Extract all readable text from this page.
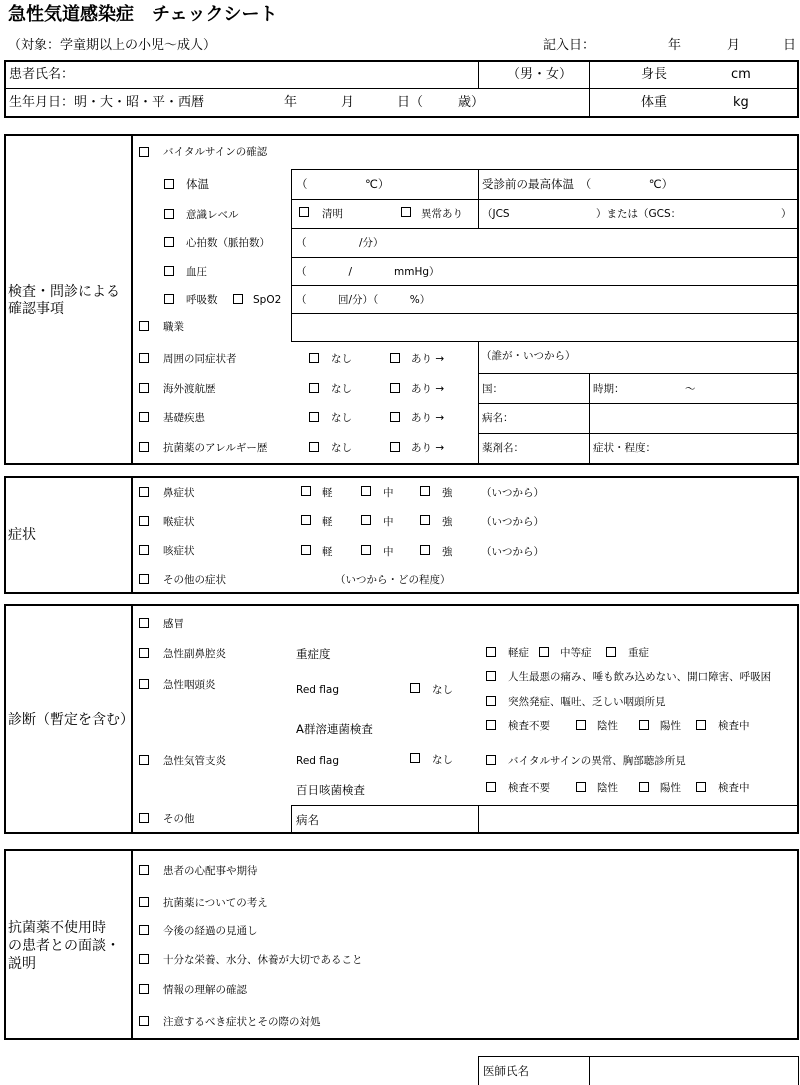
急性気道感染症　チェックシート
（対象：学童期以上の小児～成人）	記入日：	年	月	日
患者氏名：	（男・女）	身長	cm
生年月日：明・大・昭・平・西暦	年	月	日（	歳）	体重	kg
検査・問診による
確認事項
バイタルサインの確認
体温	（　　　　　℃）	受診前の最高体温　（　　　　　℃）
意識レベル	清明	異常あり （JCS	）または（GCS：	）
心拍数（脈拍数） （　　　　　/分）
血圧	（　　　　/　　　　mmHg）
呼吸数	SpO2 （　　　回/分）（　　　%）
職業
周囲の同症状者	なし	あり →	（誰が・いつから）
海外渡航歴	なし	あり →	国：	時期：	～
基礎疾患	なし	あり →	病名：
抗菌薬のアレルギー歴	なし	あり →	薬剤名：	症状・程度：
症状
鼻症状	軽	中	強	（いつから）
喉症状	軽	中	強	（いつから）
咳症状	軽	中	強	（いつから）
その他の症状	（いつから・どの程度）
診断（暫定を含む）
感冒
急性副鼻腔炎	重症度	軽症	中等症	重症
急性咽頭炎	Red flag	なし
人生最悪の痛み、唾も飲み込めない、開口障害、呼吸困
突然発症、嘔吐、乏しい咽頭所見
A群溶連菌検査	検査不要	陰性	陽性	検査中
急性気管支炎	Red flag	なし	バイタルサインの異常、胸部聴診所見
百日咳菌検査	検査不要	陰性	陽性	検査中
その他	病名
抗菌薬不使用時
の患者との面談・
説明
患者の心配事や期待
抗菌薬についての考え
今後の経過の見通し
十分な栄養、水分、休養が大切であること
情報の理解の確認
注意するべき症状とその際の対処
医師氏名
